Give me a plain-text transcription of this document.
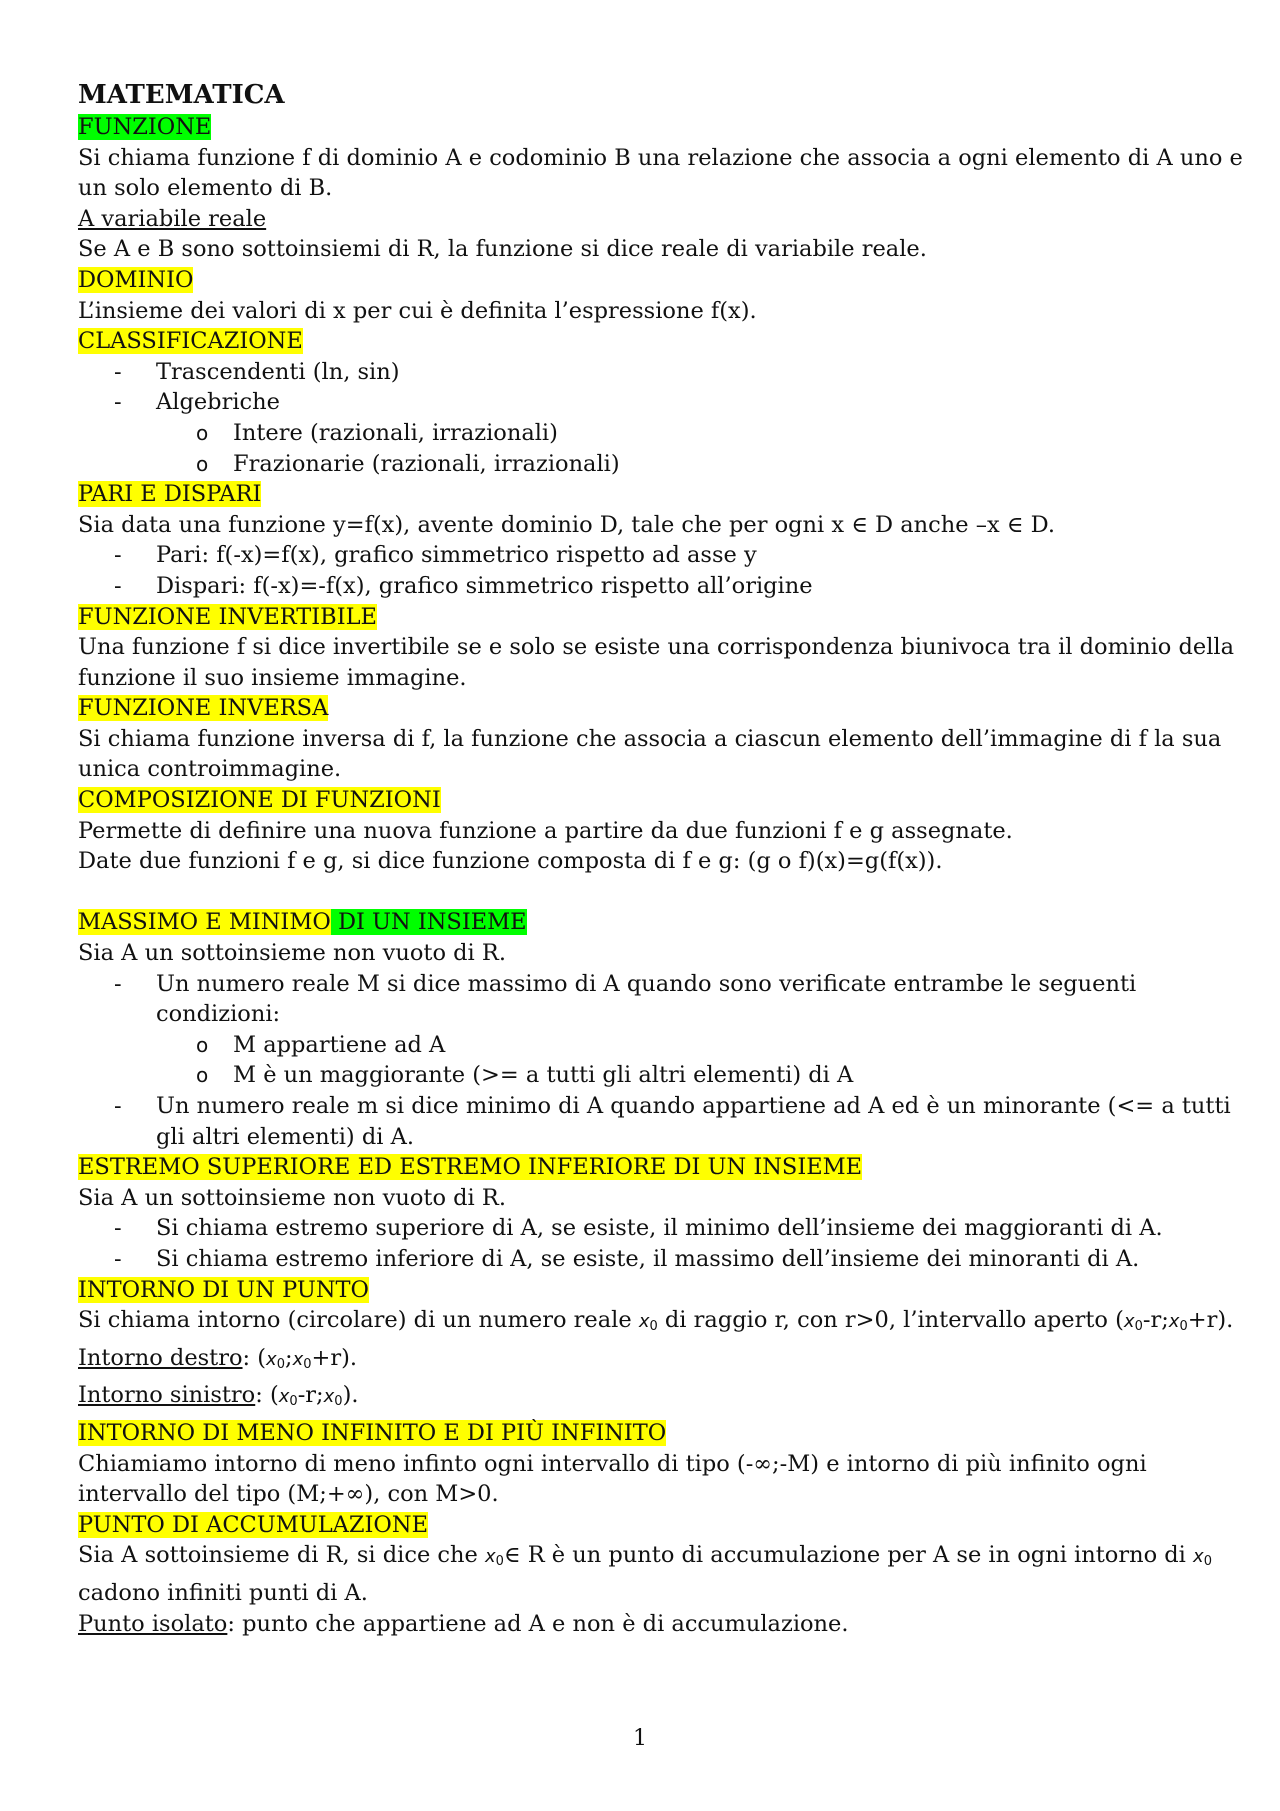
MATEMATICA
FUNZIONE
Si chiama funzione f di dominio A e codominio B una relazione che associa a ogni elemento di A uno e
un solo elemento di B.
A variabile reale
Se A e B sono sottoinsiemi di R, la funzione si dice reale di variabile reale.
DOMINIO
L’insieme dei valori di x per cui è definita l’espressione f(x).
CLASSIFICAZIONE
- Trascendenti (ln, sin)
- Algebriche
o Intere (razionali, irrazionali)
o Frazionarie (razionali, irrazionali)
PARI E DISPARI
Sia data una funzione y=f(x), avente dominio D, tale che per ogni x ∈ D anche –x ∈ D.
- Pari: f(-x)=f(x), grafico simmetrico rispetto ad asse y
- Dispari: f(-x)=-f(x), grafico simmetrico rispetto all’origine
FUNZIONE INVERTIBILE
Una funzione f si dice invertibile se e solo se esiste una corrispondenza biunivoca tra il dominio della
funzione il suo insieme immagine.
FUNZIONE INVERSA
Si chiama funzione inversa di f, la funzione che associa a ciascun elemento dell’immagine di f la sua
unica controimmagine.
COMPOSIZIONE DI FUNZIONI
Permette di definire una nuova funzione a partire da due funzioni f e g assegnate.
Date due funzioni f e g, si dice funzione composta di f e g: (g o f)(x)=g(f(x)).
MASSIMO E MINIMO DI UN INSIEME
Sia A un sottoinsieme non vuoto di R.
- Un numero reale M si dice massimo di A quando sono verificate entrambe le seguenti
condizioni:
o M appartiene ad A
o M è un maggiorante (>= a tutti gli altri elementi) di A
- Un numero reale m si dice minimo di A quando appartiene ad A ed è un minorante (<= a tutti
gli altri elementi) di A.
ESTREMO SUPERIORE ED ESTREMO INFERIORE DI UN INSIEME
Sia A un sottoinsieme non vuoto di R.
- Si chiama estremo superiore di A, se esiste, il minimo dell’insieme dei maggioranti di A.
- Si chiama estremo inferiore di A, se esiste, il massimo dell’insieme dei minoranti di A.
INTORNO DI UN PUNTO
Si chiama intorno (circolare) di un numero reale $x_0$ di raggio r, con r>0, l’intervallo aperto $(x_0-r;x_0+r)$.
Intorno destro: $(x_0;x_0+r)$.
Intorno sinistro: $(x_0-r;x_0)$.
INTORNO DI MENO INFINITO E DI PIÙ INFINITO
Chiamiamo intorno di meno infinto ogni intervallo di tipo (-∞;-M) e intorno di più infinito ogni
intervallo del tipo (M;+∞), con M>0.
PUNTO DI ACCUMULAZIONE
Sia A sottoinsieme di R, si dice che $x_0\in$ R è un punto di accumulazione per A se in ogni intorno di $x_0$
cadono infiniti punti di A.
Punto isolato: punto che appartiene ad A e non è di accumulazione.
1
